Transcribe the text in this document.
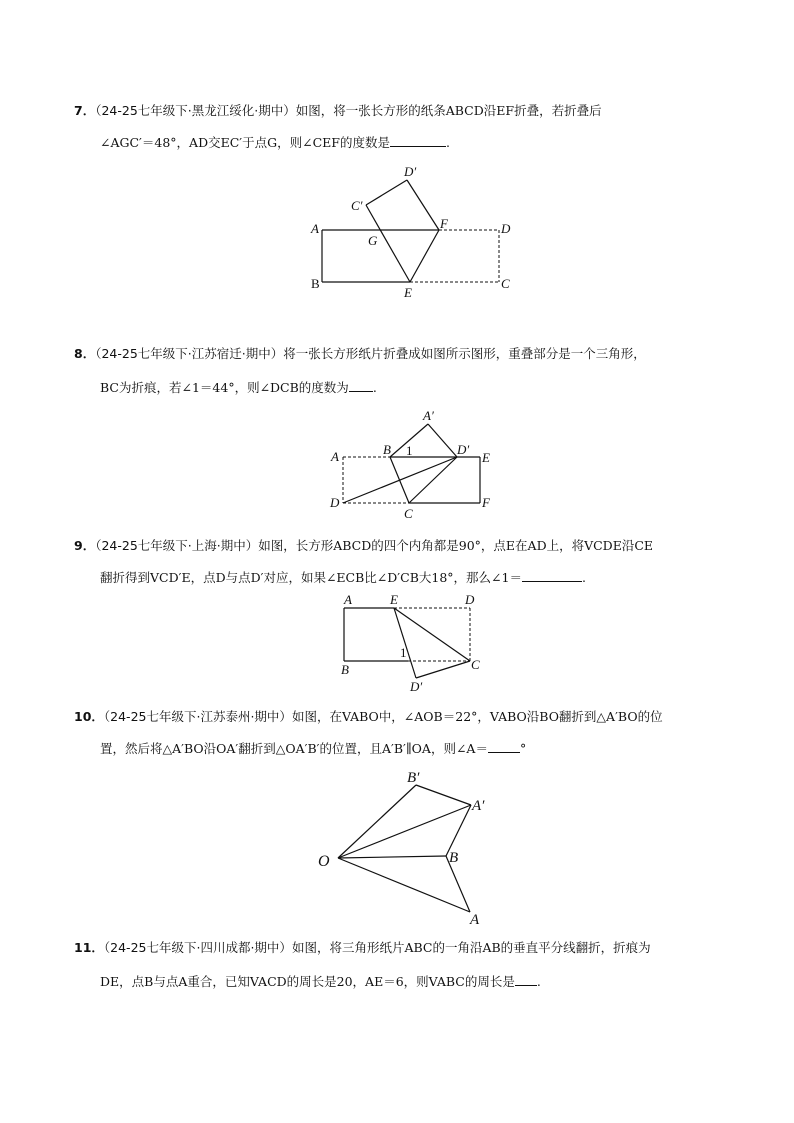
7．（24-25七年级下·黑龙江绥化·期中）如图，将一张长方形的纸条ABCD沿EF折叠，若折叠后
∠AGC′＝48°，AD交EC′于点G，则∠CEF的度数是	.
D′
C′
A
G
F	D
B
E
C
8．（24-25七年级下·江苏宿迁·期中）将一张长方形纸片折叠成如图所示图形，重叠部分是一个三角形，
BC为折痕，若∠1＝44°，则∠DCB的度数为 .
A′
A	B 1	D′
E
D
C
F
9．（24-25七年级下·上海·期中）如图，长方形ABCD的四个内角都是90°，点E在AD上，将VCDE沿CE
翻折得到VCD′E，点D与点D′对应，如果∠ECB比∠D′CB大18°，那么∠1＝	.
A	E	D
1
B	C
D′
10．（24-25七年级下·江苏泰州·期中）如图，在VABO中，∠AOB＝22°，VABO沿BO翻折到△A′BO的位
置，然后将△A′BO沿OA′翻折到△OA′B′的位置，且A′B′∥OA，则∠A＝	°
B′
A′
O	B
A
11．（24-25七年级下·四川成都·期中）如图，将三角形纸片ABC的一角沿AB的垂直平分线翻折，折痕为
DE，点B与点A重合，已知VACD的周长是20，AE＝6，则VABC的周长是 .
